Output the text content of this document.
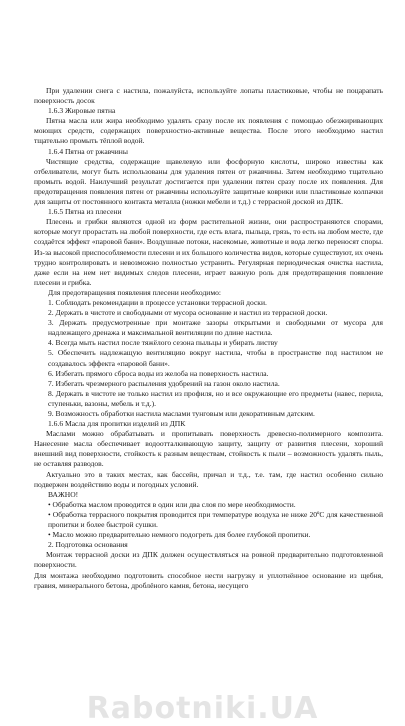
При удалении снега с настила, пожалуйста, используйте лопаты пластиковые, чтобы не поцарапать поверхность досок

1.6.3 Жировые пятна

Пятна масла или жира необходимо удалять сразу после их появления с помощью обезжиривающих моющих средств, содержащих поверхностно-активные вещества. После этого необходимо настил тщательно промыть тёплой водой.

1.6.4 Пятна от ржавчины

Чистящие средства, содержащие щавелевую или фосфорную кислоты, широко известны как отбеливатели, могут быть использованы для удаления пятен от ржавчины. Затем необходимо тщательно промыть водой. Наилучший результат достигается при удалении пятен сразу после их появления. Для предотвращения появления пятен от ржавчины используйте защитные коврики или пластиковые колпачки для защиты от постоянного контакта металла (ножки мебели и т.д.) с террасной доской из ДПК.

1.6.5 Пятна из плесени

Плесень и грибки являются одной из форм растительной жизни, они распространяются спорами, которые могут прорастать на любой поверхности, где есть влага, пыльца, грязь, то есть на любом месте, где создаётся эффект «паровой бани». Воздушные потоки, насекомые, животные и вода легко переносят споры. Из-за высокой приспособляемости плесени и их большого количества видов, которые существуют, их очень трудно контролировать и невозможно полностью устранить. Регулярная периодическая очистка настила, даже если на нем нет видимых следов плесени, играет важную роль для предотвращения появление плесени и грибка.

Для предотвращения появления плесени необходимо:

1. Соблюдать рекомендации в процессе установки террасной доски.

2. Держать в чистоте и свободными от мусора основание и настил из террасной доски.

3. Держать предусмотренные при монтаже зазоры открытыми и свободными от мусора для надлежащего дренажа и максимальной вентиляции по длине настила.

4. Всегда мыть настил после тяжёлого сезона пыльцы и убирать листву

5. Обеспечить надлежащую вентиляцию вокруг настила, чтобы в пространстве под настилом не создавалось эффекта «паровой бани».

6. Избегать прямого сброса воды из желоба на поверхность настила.

7. Избегать чрезмерного распыления удобрений на газон около настила.

8. Держать в чистоте не только настил из профиля, но и все окружающие его предметы (навес, перила, ступеньки, вазоны, мебель и т.д.).

9. Возможность обработки настила маслами тунговым или декоративным датским.

1.6.6 Масла для пропитки изделий из ДПК

Маслами можно обрабатывать и пропитывать поверхность древесно-полимерного композита. Нанесение масла обеспечивает водоотталкивающую защиту, защиту от развития плесени, хороший внешний вид поверхности, стойкость к разным веществам, стойкость к пыли – возможность удалять пыль, не оставляя разводов.

Актуально это в таких местах, как бассейн, причал и т.д., т.е. там, где настил особенно сильно подвержен воздействию воды и погодных условий.

ВАЖНО!

• Обработка маслом проводится в один или два слоя по мере необходимости.

• Обработка террасного покрытия проводится при температуре воздуха не ниже 20ºС для качественной пропитки и более быстрой сушки.

• Масло можно предварительно немного подогреть для более глубокой пропитки.

2. Подготовка основания

Монтаж террасной доски из ДПК должен осуществляться на ровной предварительно подготовленной поверхности.

Для монтажа необходимо подготовить способное нести нагрузку и уплотнённое основание из щебня, гравия, минерального бетона, дроблёного камня, бетона, несущего

Rabotniki.UA
